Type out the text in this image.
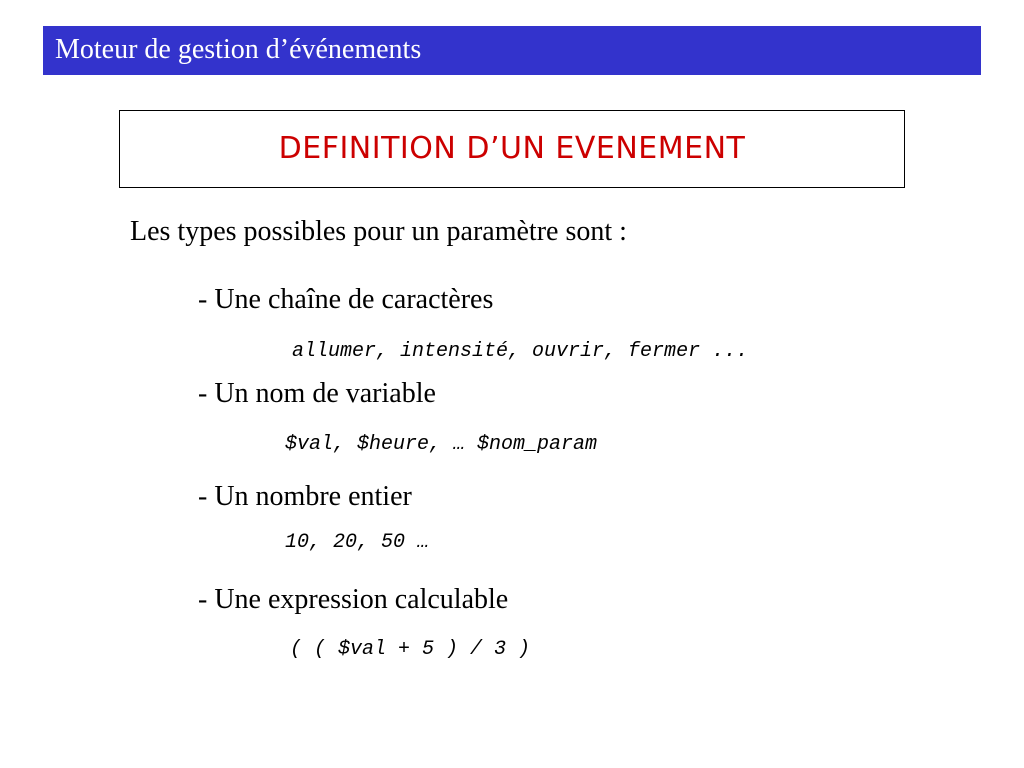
Moteur de gestion d’événements
DEFINITION D’UN EVENEMENT
Les types possibles pour un paramètre sont :
- Une chaîne de caractères
allumer, intensité, ouvrir, fermer ...
- Un nom de variable
$val, $heure, … $nom_param
- Un nombre entier
10, 20, 50 …
- Une expression calculable
( ( $val + 5 ) / 3 )
